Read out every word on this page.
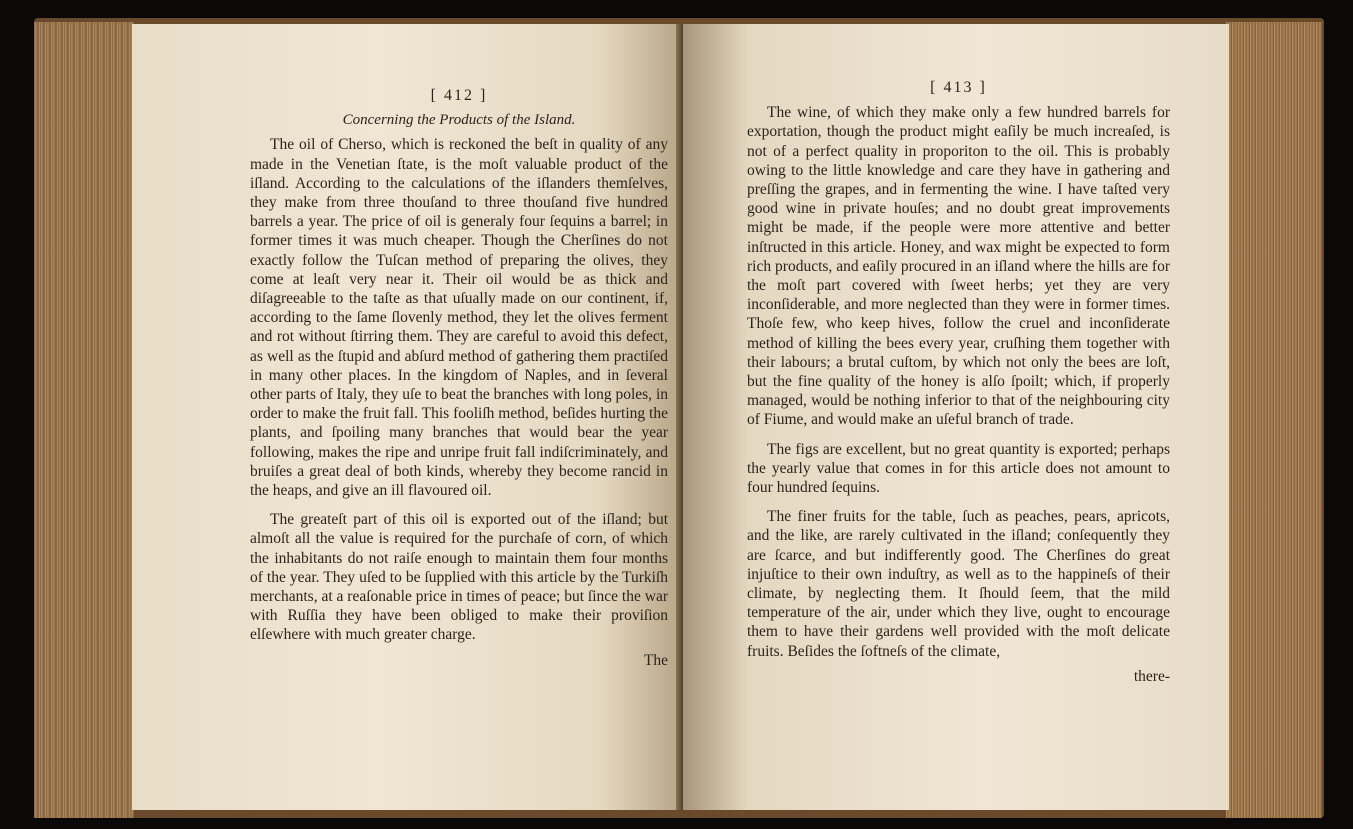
[ 412 ]
Concerning the Products of the Island.

The oil of Cherso, which is reckoned the beſt in quality of any made in the Venetian ſtate, is the moſt valuable product of the iſland. According to the calculations of the iſlanders themſelves, they make from three thouſand to three thouſand five hundred barrels a year. The price of oil is generaly four ſequins a barrel; in former times it was much cheaper. Though the Cherſines do not exactly follow the Tuſcan method of preparing the olives, they come at leaſt very near it. Their oil would be as thick and diſagreeable to the taſte as that uſually made on our continent, if, according to the ſame ſlovenly method, they let the olives ferment and rot without ſtirring them. They are careful to avoid this defect, as well as the ſtupid and abſurd method of gathering them practiſed in many other places. In the kingdom of Naples, and in ſeveral other parts of Italy, they uſe to beat the branches with long poles, in order to make the fruit fall. This fooliſh method, beſides hurting the plants, and ſpoiling many branches that would bear the year following, makes the ripe and unripe fruit fall indiſcriminately, and bruiſes a great deal of both kinds, whereby they become rancid in the heaps, and give an ill flavoured oil.

The greateſt part of this oil is exported out of the iſland; but almoſt all the value is required for the purchaſe of corn, of which the inhabitants do not raiſe enough to maintain them four months of the year. They uſed to be ſupplied with this article by the Turkiſh merchants, at a reaſonable price in times of peace; but ſince the war with Ruſſia they have been obliged to make their proviſion elſewhere with much greater charge.

The
[ 413 ]

The wine, of which they make only a few hundred barrels for exportation, though the product might eaſily be much increaſed, is not of a perfect quality in proporiton to the oil. This is probably owing to the little knowledge and care they have in gathering and preſſing the grapes, and in fermenting the wine. I have taſted very good wine in private houſes; and no doubt great improvements might be made, if the people were more attentive and better inſtructed in this article. Honey, and wax might be expected to form rich products, and eaſily procured in an iſland where the hills are for the moſt part covered with ſweet herbs; yet they are very inconſiderable, and more neglected than they were in former times. Thoſe few, who keep hives, follow the cruel and inconſiderate method of killing the bees every year, cruſhing them together with their labours; a brutal cuſtom, by which not only the bees are loſt, but the fine quality of the honey is alſo ſpoilt; which, if properly managed, would be nothing inferior to that of the neighbouring city of Fiume, and would make an uſeful branch of trade.

The figs are excellent, but no great quantity is exported; perhaps the yearly value that comes in for this article does not amount to four hundred ſequins.

The finer fruits for the table, ſuch as peaches, pears, apricots, and the like, are rarely cultivated in the iſland; conſequently they are ſcarce, and but indifferently good. The Cherſines do great injuſtice to their own induſtry, as well as to the happineſs of their climate, by neglecting them. It ſhould ſeem, that the mild temperature of the air, under which they live, ought to encourage them to have their gardens well provided with the moſt delicate fruits. Beſides the ſoftneſs of the climate,

there-
